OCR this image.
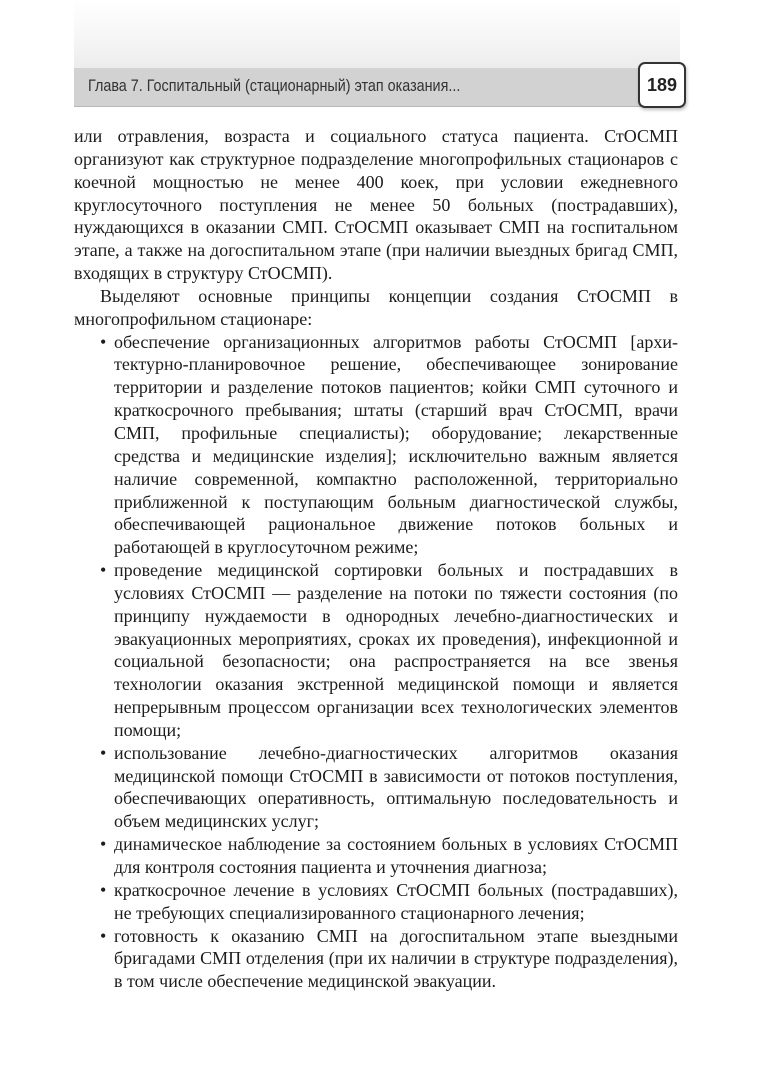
Глава 7. Госпитальный (стационарный) этап оказания...	189

или отравления, возраста и социального статуса пациента. СтОСМП организуют как структурное подразделение многопрофильных стационаров с коечной мощностью не менее 400 коек, при условии ежедневного круглосуточного поступления не менее 50 больных (пострадавших), нуждающихся в оказании СМП. СтОСМП оказывает СМП на госпитальном этапе, а также на догоспитальном этапе (при наличии выездных бригад СМП, входящих в структуру СтОСМП).

Выделяют основные принципы концепции создания СтОСМП в многопрофильном стационаре:

• обеспечение организационных алгоритмов работы СтОСМП [архитектурно-планировочное решение, обеспечивающее зонирование территории и разделение потоков пациентов; койки СМП суточного и краткосрочного пребывания; штаты (старший врач СтОСМП, врачи СМП, профильные специалисты); оборудование; лекарственные средства и медицинские изделия]; исключительно важным является наличие современной, компактно расположенной, территориально приближенной к поступающим больным диагностической службы, обеспечивающей рациональное движение потоков больных и работающей в круглосуточном режиме;
• проведение медицинской сортировки больных и пострадавших в условиях СтОСМП — разделение на потоки по тяжести состояния (по принципу нуждаемости в однородных лечебно-диагностических и эвакуационных мероприятиях, сроках их проведения), инфекционной и социальной безопасности; она распространяется на все звенья технологии оказания экстренной медицинской помощи и является непрерывным процессом организации всех технологических элементов помощи;
• использование лечебно-диагностических алгоритмов оказания медицинской помощи СтОСМП в зависимости от потоков поступления, обеспечивающих оперативность, оптимальную последовательность и объем медицинских услуг;
• динамическое наблюдение за состоянием больных в условиях СтОСМП для контроля состояния пациента и уточнения диагноза;
• краткосрочное лечение в условиях СтОСМП больных (пострадавших), не требующих специализированного стационарного лечения;
• готовность к оказанию СМП на догоспитальном этапе выездными бригадами СМП отделения (при их наличии в структуре подразделения), в том числе обеспечение медицинской эвакуации.
